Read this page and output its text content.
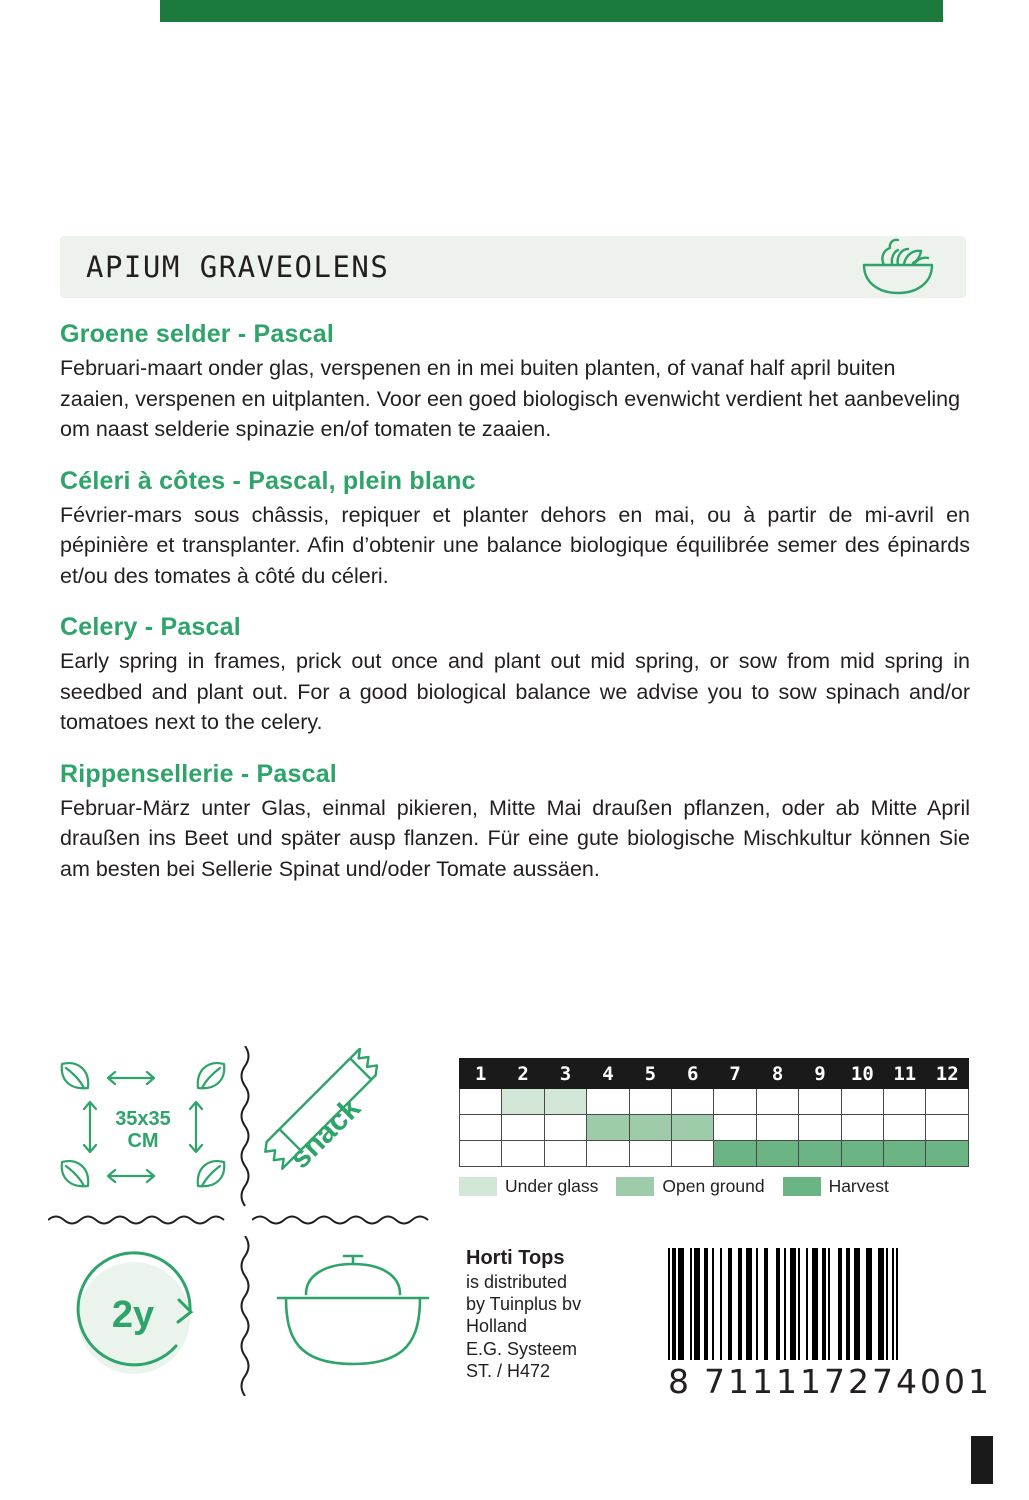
APIUM GRAVEOLENS

Groene selder - Pascal

Februari-maart onder glas, verspenen en in mei buiten planten, of vanaf half april buiten zaaien, verspenen en uitplanten. Voor een goed biologisch evenwicht verdient het aanbeveling om naast selderie spinazie en/of tomaten te zaaien.

Céleri à côtes - Pascal, plein blanc

Février-mars sous châssis, repiquer et planter dehors en mai, ou à partir de mi-avril en pépinière et transplanter. Afin d’obtenir une balance biologique équilibrée semer des épinards et/ou des tomates à côté du céleri.

Celery - Pascal

Early spring in frames, prick out once and plant out mid spring, or sow from mid spring in seedbed and plant out. For a good biological balance we advise you to sow spinach and/or tomatoes next to the celery.

Rippensellerie - Pascal

Februar-März unter Glas, einmal pikieren, Mitte Mai draußen pflanzen, oder ab Mitte April draußen ins Beet und später ausp flanzen. Für eine gute biologische Mischkultur können Sie am besten bei Sellerie Spinat und/oder Tomate aussäen.

35x35
CM	snack
2y
1	2	3	4	5	6	7	8	9	10	11	12

Under glass	Open ground	Harvest
Horti Tops
is distributed
by Tuinplus bv
Holland
E.G. Systeem
ST. / H472	8 711117274001
